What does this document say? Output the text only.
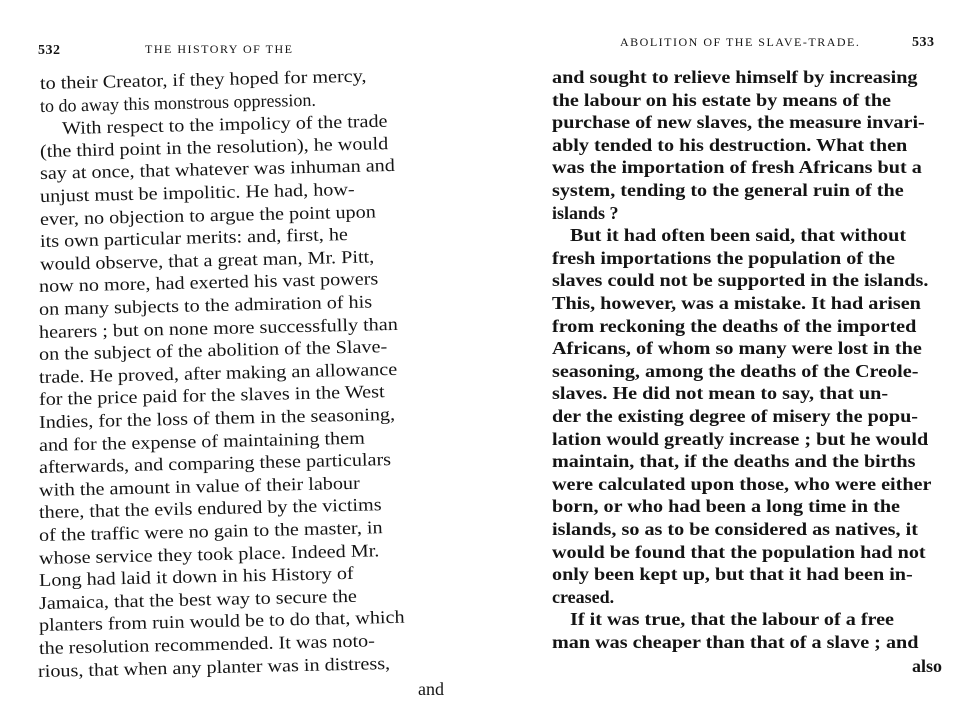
532	THE HISTORY OF THE
to their Creator, if they hoped for mercy,
to do away this monstrous oppression.
With respect to the impolicy of the trade
(the third point in the resolution), he would
say at once, that whatever was inhuman and
unjust must be impolitic. He had, how-
ever, no objection to argue the point upon
its own particular merits: and, first, he
would observe, that a great man, Mr. Pitt,
now no more, had exerted his vast powers
on many subjects to the admiration of his
hearers ; but on none more successfully than
on the subject of the abolition of the Slave-
trade. He proved, after making an allowance
for the price paid for the slaves in the West
Indies, for the loss of them in the seasoning,
and for the expense of maintaining them
afterwards, and comparing these particulars
with the amount in value of their labour
there, that the evils endured by the victims
of the traffic were no gain to the master, in
whose service they took place. Indeed Mr.
Long had laid it down in his History of
Jamaica, that the best way to secure the
planters from ruin would be to do that, which
the resolution recommended. It was noto-
rious, that when any planter was in distress,
and
ABOLITION OF THE SLAVE-TRADE.	533
and sought to relieve himself by increasing
the labour on his estate by means of the
purchase of new slaves, the measure invari-
ably tended to his destruction. What then
was the importation of fresh Africans but a
system, tending to the general ruin of the
islands ?
But it had often been said, that without
fresh importations the population of the
slaves could not be supported in the islands.
This, however, was a mistake. It had arisen
from reckoning the deaths of the imported
Africans, of whom so many were lost in the
seasoning, among the deaths of the Creole-
slaves. He did not mean to say, that un-
der the existing degree of misery the popu-
lation would greatly increase ; but he would
maintain, that, if the deaths and the births
were calculated upon those, who were either
born, or who had been a long time in the
islands, so as to be considered as natives, it
would be found that the population had not
only been kept up, but that it had been in-
creased.
If it was true, that the labour of a free
man was cheaper than that of a slave ; and
also
